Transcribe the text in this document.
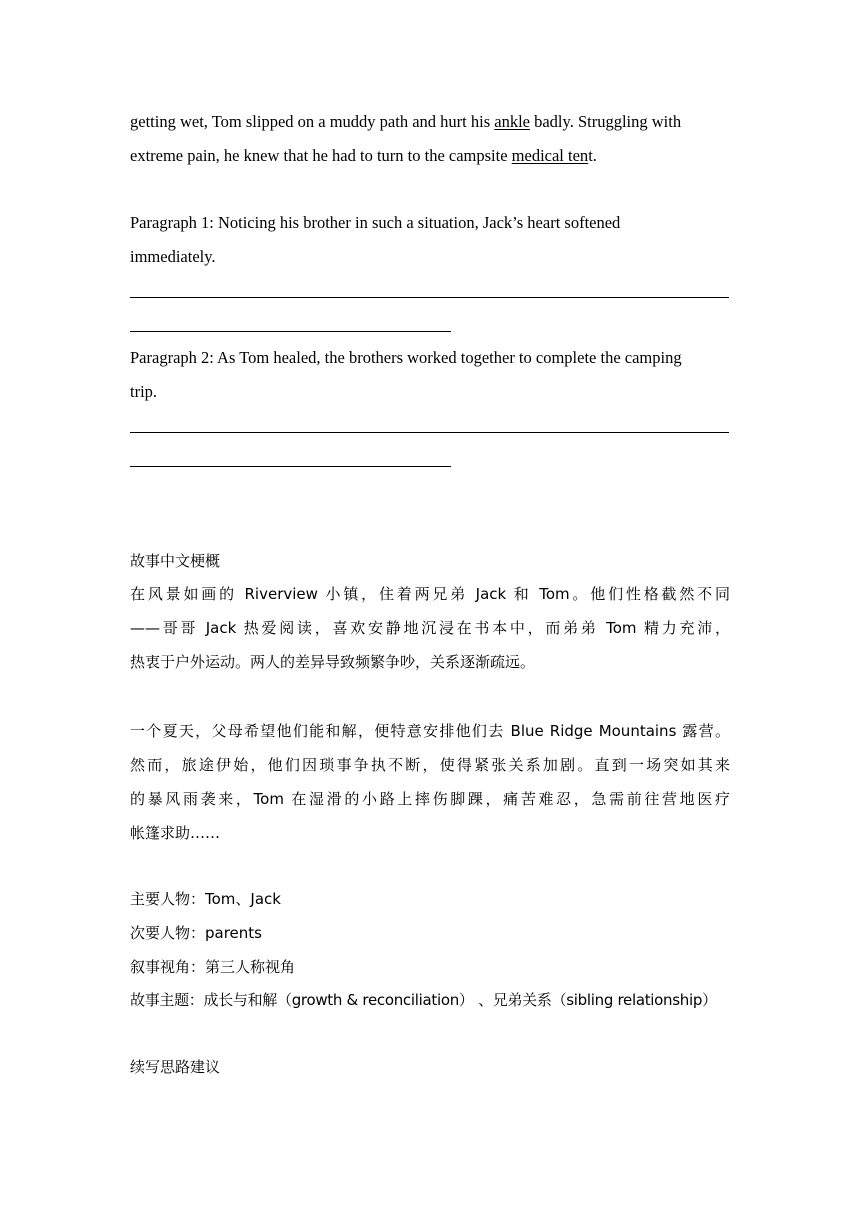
getting wet, Tom slipped on a muddy path and hurt his ankle badly. Struggling with
extreme pain, he knew that he had to turn to the campsite medical tent.
Paragraph 1: Noticing his brother in such a situation, Jack’s heart softened
immediately.
Paragraph 2: As Tom healed, the brothers worked together to complete the camping
trip.
故事中文梗概
在风景如画的 Riverview 小镇，住着两兄弟 Jack 和 Tom。他们性格截然不同
——哥哥 Jack 热爱阅读，喜欢安静地沉浸在书本中，而弟弟 Tom 精力充沛，
热衷于户外运动。两人的差异导致频繁争吵，关系逐渐疏远。
一个夏天，父母希望他们能和解，便特意安排他们去 Blue Ridge Mountains 露营。
然而，旅途伊始，他们因琐事争执不断，使得紧张关系加剧。直到一场突如其来
的暴风雨袭来，Tom 在湿滑的小路上摔伤脚踝，痛苦难忍，急需前往营地医疗
帐篷求助……
主要人物：Tom、Jack
次要人物：parents
叙事视角：第三人称视角
故事主题：成长与和解（growth & reconciliation） 、兄弟关系（sibling relationship）
续写思路建议
